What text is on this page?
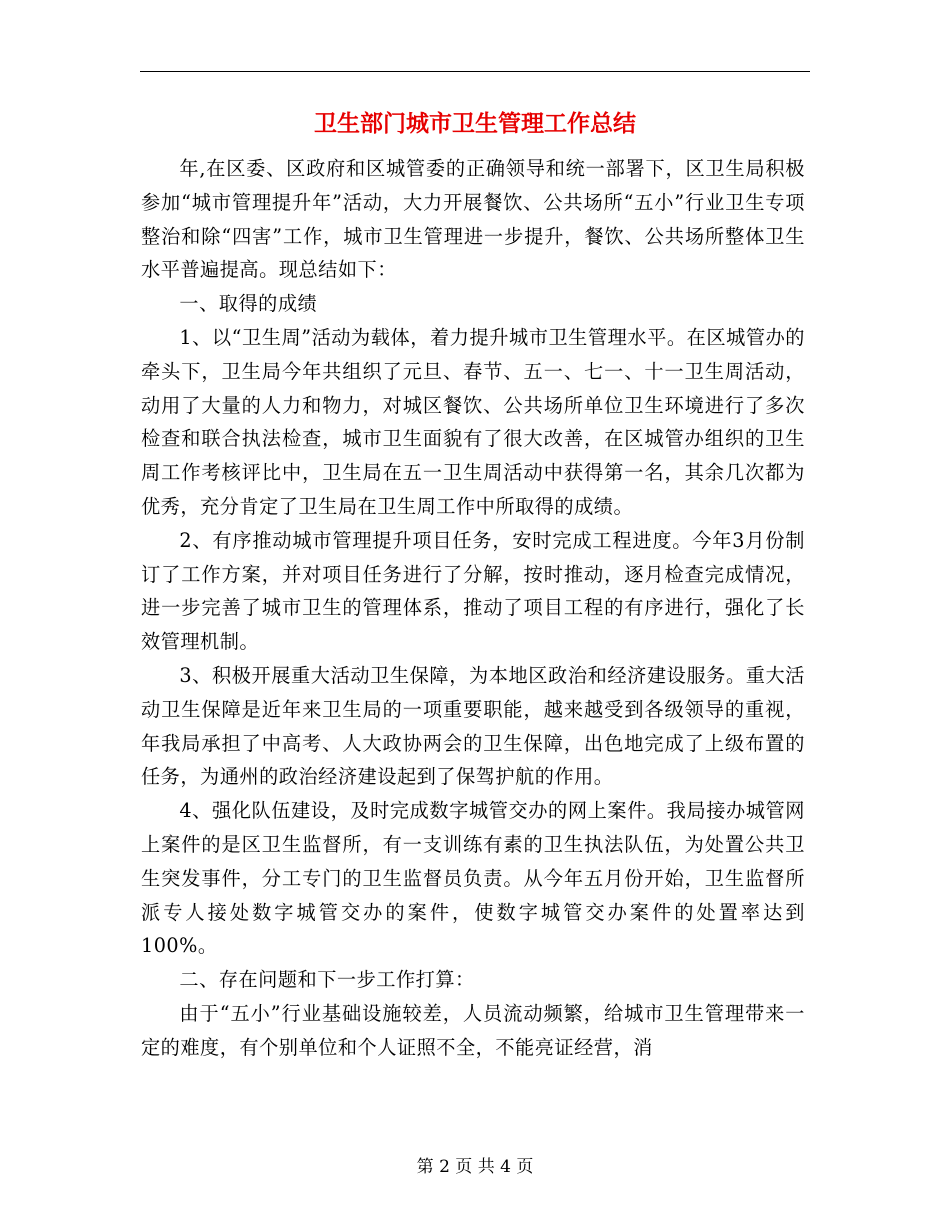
卫生部门城市卫生管理工作总结

年,在区委、区政府和区城管委的正确领导和统一部署下，区卫生局积极参加“城市管理提升年”活动，大力开展餐饮、公共场所“五小”行业卫生专项整治和除“四害”工作，城市卫生管理进一步提升，餐饮、公共场所整体卫生水平普遍提高。现总结如下：

一、取得的成绩

1、以“卫生周”活动为载体，着力提升城市卫生管理水平。在区城管办的牵头下，卫生局今年共组织了元旦、春节、五一、七一、十一卫生周活动，动用了大量的人力和物力，对城区餐饮、公共场所单位卫生环境进行了多次检查和联合执法检查，城市卫生面貌有了很大改善，在区城管办组织的卫生周工作考核评比中，卫生局在五一卫生周活动中获得第一名，其余几次都为优秀，充分肯定了卫生局在卫生周工作中所取得的成绩。

2、有序推动城市管理提升项目任务，安时完成工程进度。今年3月份制订了工作方案，并对项目任务进行了分解，按时推动，逐月检查完成情况，进一步完善了城市卫生的管理体系，推动了项目工程的有序进行，强化了长效管理机制。

3、积极开展重大活动卫生保障，为本地区政治和经济建设服务。重大活动卫生保障是近年来卫生局的一项重要职能，越来越受到各级领导的重视，年我局承担了中高考、人大政协两会的卫生保障，出色地完成了上级布置的任务，为通州的政治经济建设起到了保驾护航的作用。

4、强化队伍建设，及时完成数字城管交办的网上案件。我局接办城管网上案件的是区卫生监督所，有一支训练有素的卫生执法队伍，为处置公共卫生突发事件，分工专门的卫生监督员负责。从今年五月份开始，卫生监督所派专人接处数字城管交办的案件，使数字城管交办案件的处置率达到100%。

二、存在问题和下一步工作打算：

由于“五小”行业基础设施较差，人员流动频繁，给城市卫生管理带来一定的难度，有个别单位和个人证照不全，不能亮证经营，消

第 2 页 共 4 页
